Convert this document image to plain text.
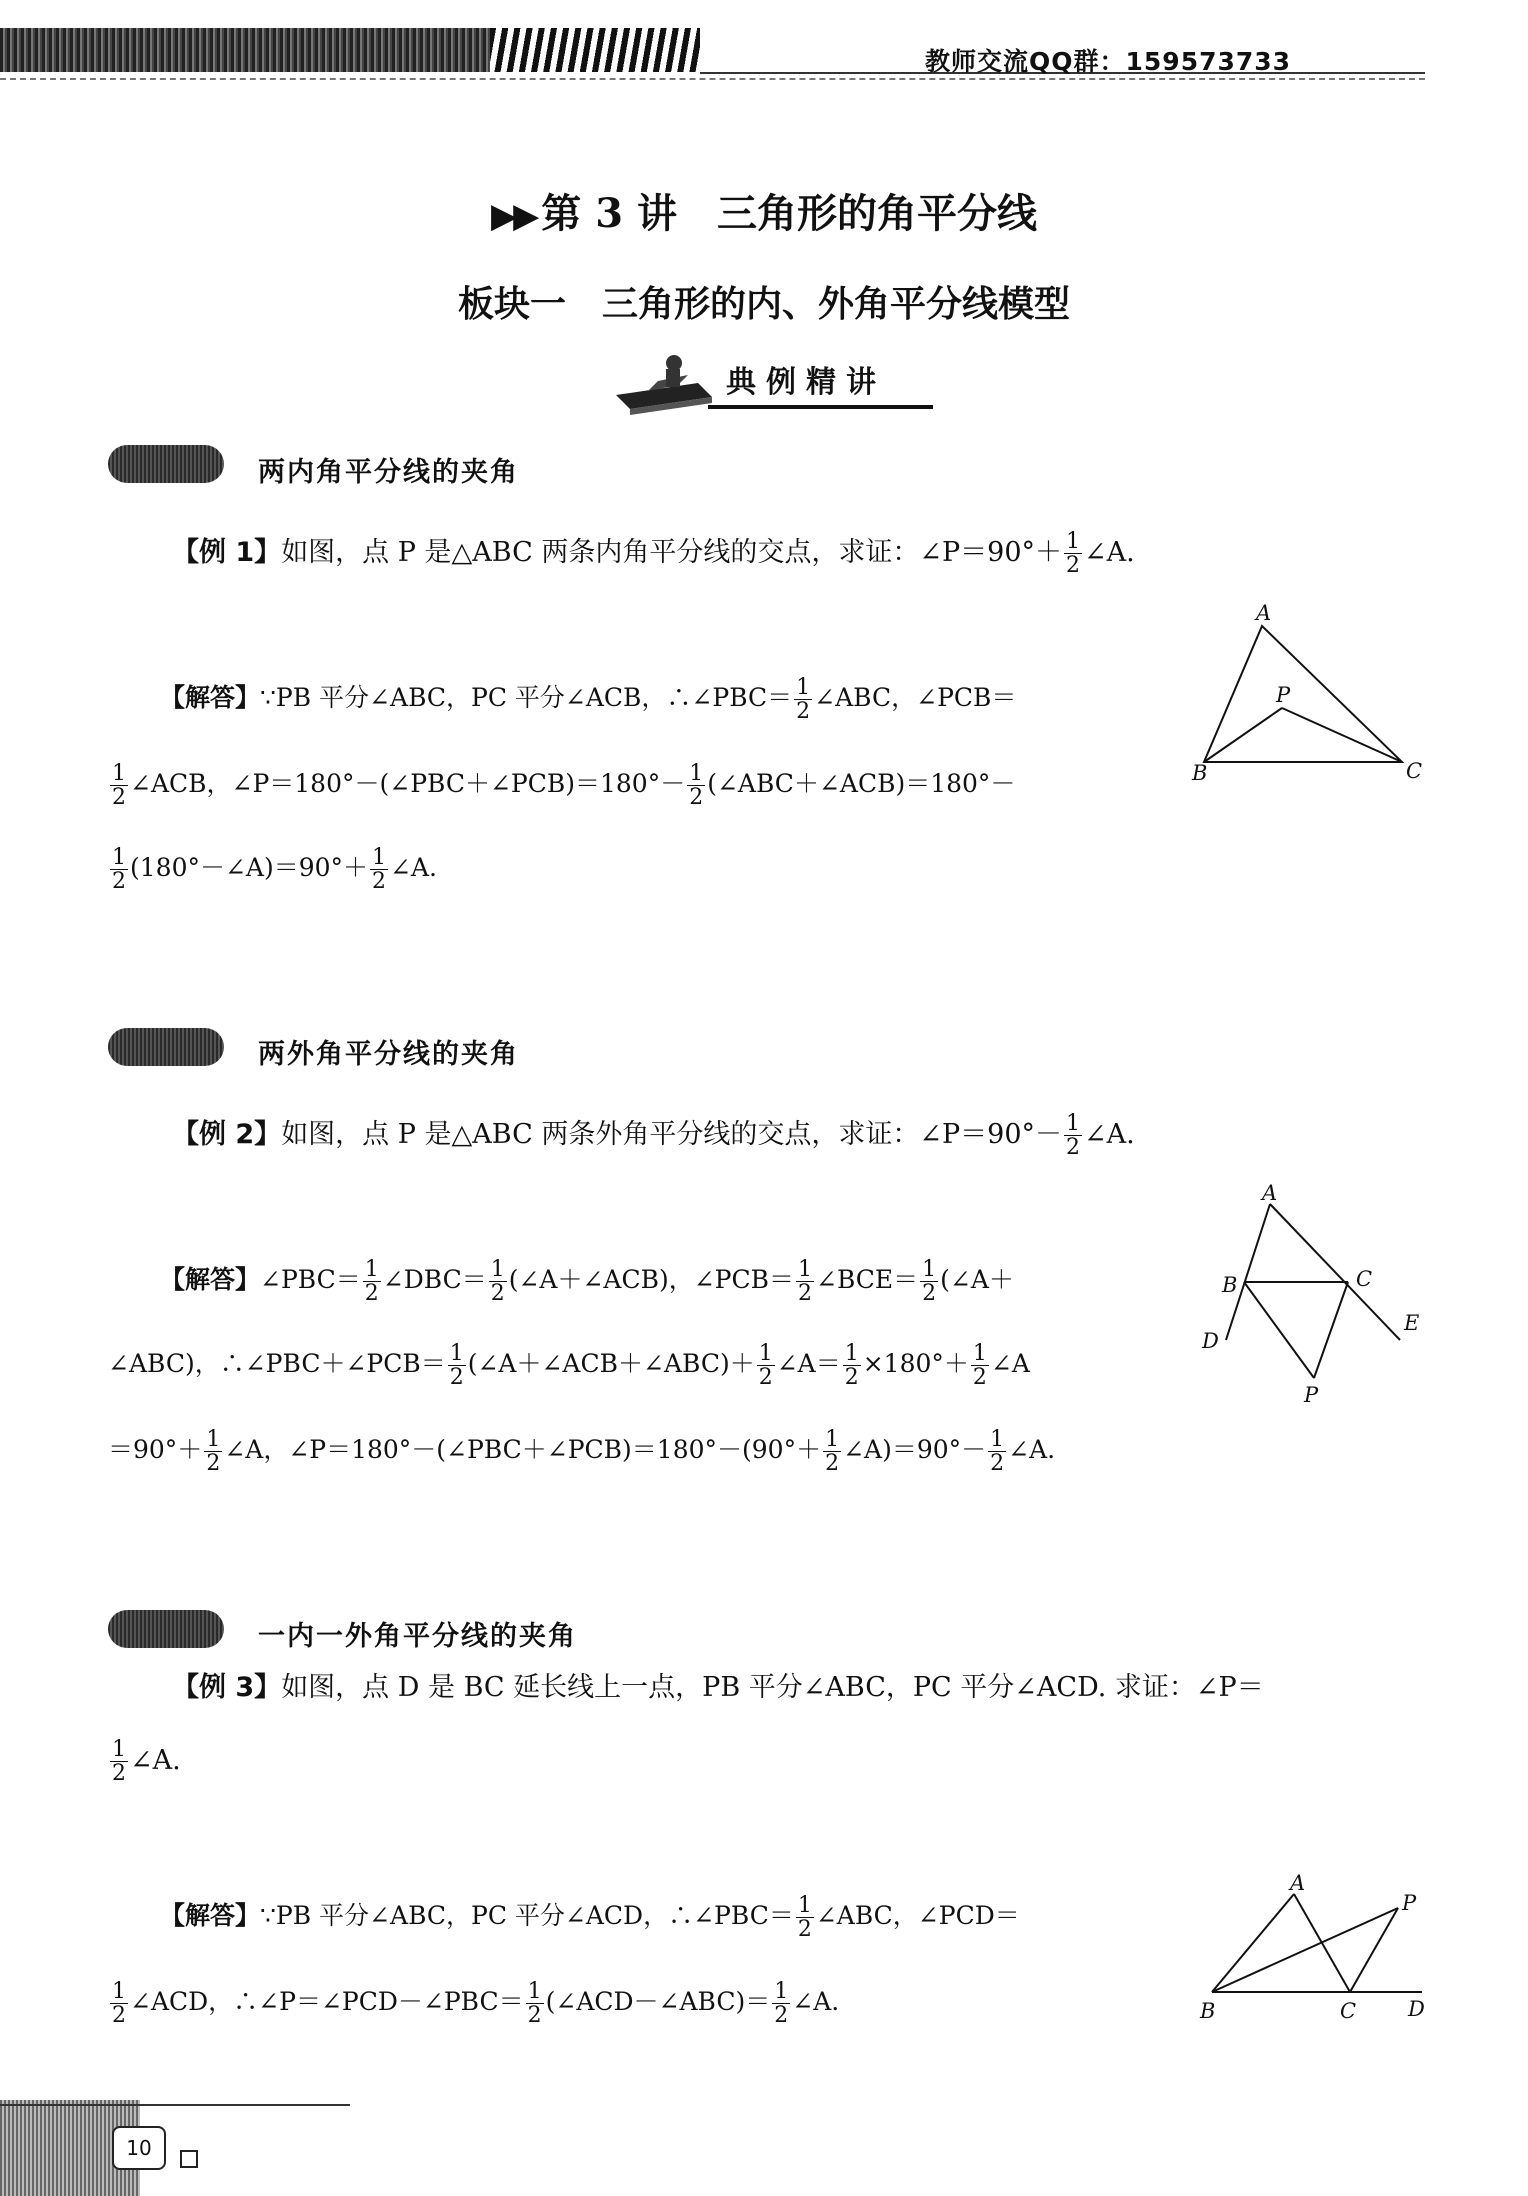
教师交流QQ群：159573733
▶▶ 第 3 讲　三角形的角平分线
板块一　三角形的内、外角平分线模型
典例精讲
两内角平分线的夹角
【例 1】如图，点 P 是△ABC 两条内角平分线的交点，求证：∠P＝90°＋ $\frac{1}{2}$ ∠A.
【解答】∵PB 平分∠ABC，PC 平分∠ACB，∴∠PBC＝ $\frac{1}{2}$ ∠ABC，∠PCB＝
$\frac{1}{2}$ ∠ACB，∠P＝180°－(∠PBC＋∠PCB)＝180°－ $\frac{1}{2}$ (∠ABC＋∠ACB)＝180°－
$\frac{1}{2}$ (180°－∠A)＝90°＋ $\frac{1}{2}$ ∠A.
A
P
B	C
两外角平分线的夹角
【例 2】如图，点 P 是△ABC 两条外角平分线的交点，求证：∠P＝90°－ $\frac{1}{2}$ ∠A.
【解答】∠PBC＝ $\frac{1}{2}$ ∠DBC＝ $\frac{1}{2}$ (∠A＋∠ACB)，∠PCB＝ $\frac{1}{2}$ ∠BCE＝ $\frac{1}{2}$ (∠A＋
∠ABC)，∴∠PBC＋∠PCB＝ $\frac{1}{2}$ (∠A＋∠ACB＋∠ABC)＋ $\frac{1}{2}$ ∠A＝ $\frac{1}{2} \times 180^\circ+ \frac{1}{2}$ ∠A
$=90^\circ+ \frac{1}{2}$ ∠A，∠P＝180°－(∠PBC＋∠PCB)＝180°－(90°＋ $\frac{1}{2}$ ∠A)＝90°－ $\frac{1}{2}$ ∠A.
A
B	C
D
E
P
一内一外角平分线的夹角
【例 3】如图，点 D 是 BC 延长线上一点，PB 平分∠ABC，PC 平分∠ACD. 求证：∠P＝
$\frac{1}{2}$ ∠A.
【解答】∵PB 平分∠ABC，PC 平分∠ACD，∴∠PBC＝ $\frac{1}{2}$ ∠ABC，∠PCD＝
$\frac{1}{2}$ ∠ACD，∴∠P＝∠PCD－∠PBC＝ $\frac{1}{2}$ (∠ACD－∠ABC)＝ $\frac{1}{2}$ ∠A.
A
P
B	C D
10
